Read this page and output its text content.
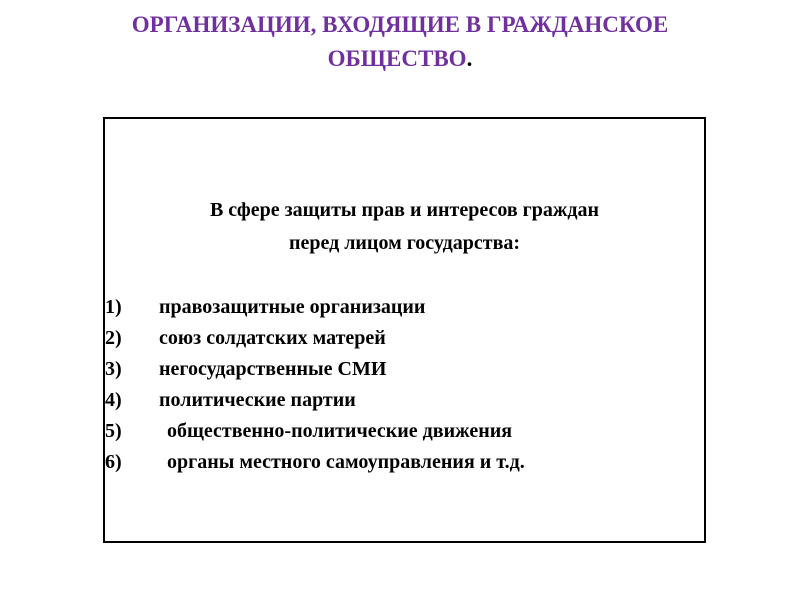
ОРГАНИЗАЦИИ, ВХОДЯЩИЕ В ГРАЖДАНСКОЕ
ОБЩЕСТВО.
В сфере защиты прав и интересов граждан
перед лицом государства:
1) правозащитные организации
2) союз солдатских матерей
3) негосударственные СМИ
4) политические партии
5) общественно-политические движения
6) органы местного самоуправления и т.д.
